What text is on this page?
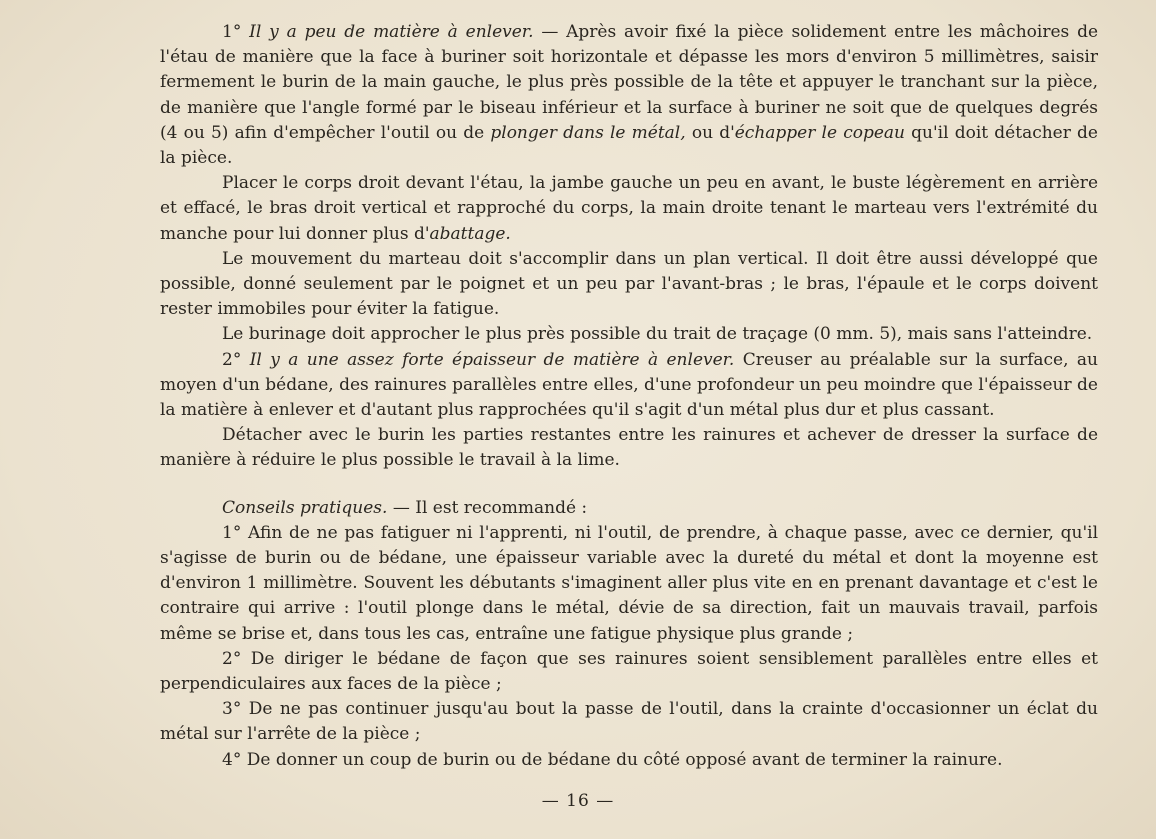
1° Il y a peu de matière à enlever. — Après avoir fixé la pièce solidement entre les mâchoires de l'étau de manière que la face à buriner soit horizontale et dépasse les mors d'environ 5 millimètres, saisir fermement le burin de la main gauche, le plus près possible de la tête et appuyer le tranchant sur la pièce, de manière que l'angle formé par le biseau inférieur et la surface à buriner ne soit que de quelques degrés (4 ou 5) afin d'empêcher l'outil ou de plonger dans le métal, ou d'échapper le copeau qu'il doit détacher de la pièce.

Placer le corps droit devant l'étau, la jambe gauche un peu en avant, le buste légèrement en arrière et effacé, le bras droit vertical et rapproché du corps, la main droite tenant le marteau vers l'extrémité du manche pour lui donner plus d'abattage.

Le mouvement du marteau doit s'accomplir dans un plan vertical. Il doit être aussi développé que possible, donné seulement par le poignet et un peu par l'avant-bras ; le bras, l'épaule et le corps doivent rester immobiles pour éviter la fatigue.

Le burinage doit approcher le plus près possible du trait de traçage (0 mm. 5), mais sans l'atteindre.

2° Il y a une assez forte épaisseur de matière à enlever. Creuser au préalable sur la surface, au moyen d'un bédane, des rainures parallèles entre elles, d'une profondeur un peu moindre que l'épaisseur de la matière à enlever et d'autant plus rapprochées qu'il s'agit d'un métal plus dur et plus cassant.

Détacher avec le burin les parties restantes entre les rainures et achever de dresser la surface de manière à réduire le plus possible le travail à la lime.

Conseils pratiques. — Il est recommandé :

1° Afin de ne pas fatiguer ni l'apprenti, ni l'outil, de prendre, à chaque passe, avec ce dernier, qu'il s'agisse de burin ou de bédane, une épaisseur variable avec la dureté du métal et dont la moyenne est d'environ 1 millimètre. Souvent les débutants s'imaginent aller plus vite en en prenant davantage et c'est le contraire qui arrive : l'outil plonge dans le métal, dévie de sa direction, fait un mauvais travail, parfois même se brise et, dans tous les cas, entraîne une fatigue physique plus grande ;

2° De diriger le bédane de façon que ses rainures soient sensiblement parallèles entre elles et perpendiculaires aux faces de la pièce ;

3° De ne pas continuer jusqu'au bout la passe de l'outil, dans la crainte d'occasionner un éclat du métal sur l'arrête de la pièce ;

4° De donner un coup de burin ou de bédane du côté opposé avant de terminer la rainure.

— 16 —
